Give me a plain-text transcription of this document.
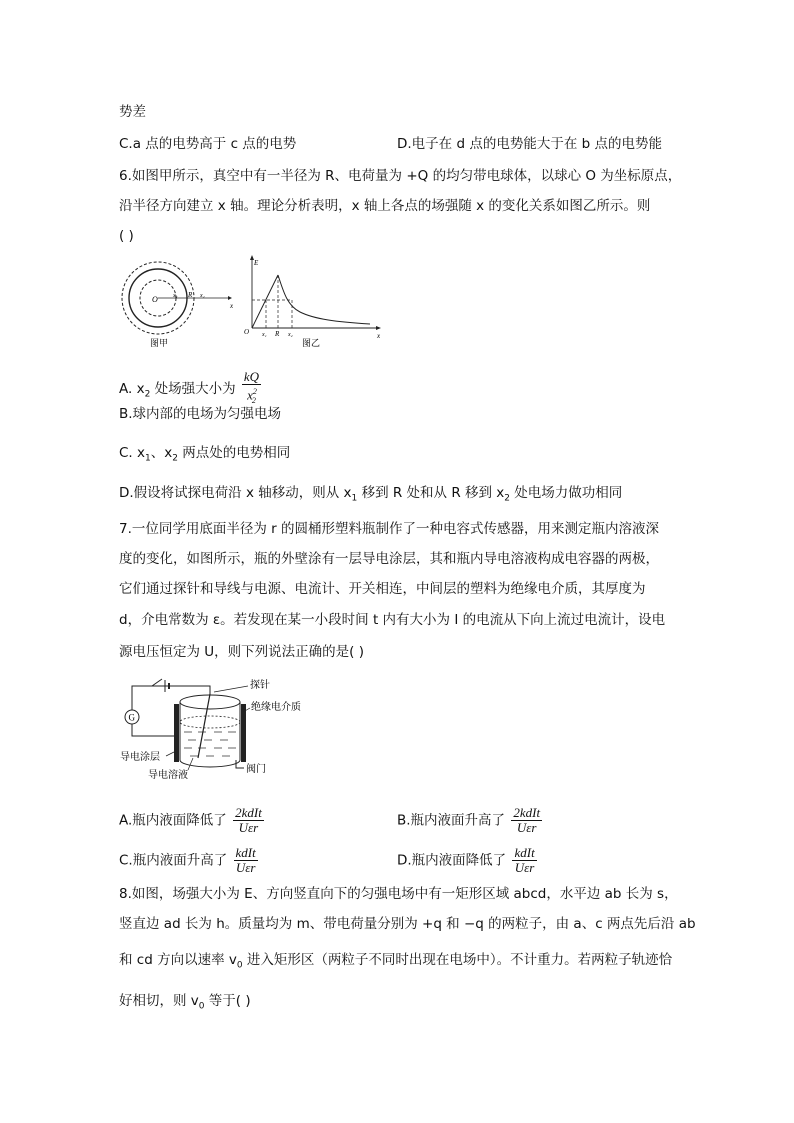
势差
C.a 点的电势高于 c 点的电势	D.电子在 d 点的电势能大于在 b 点的电势能
6.如图甲所示，真空中有一半径为 R、电荷量为 +Q 的均匀带电球体，以球心 O 为坐标原点，
沿半径方向建立 x 轴。理论分析表明，x 轴上各点的场强随 x 的变化关系如图乙所示。则
( )
O	x₁ R x₂
x
图甲
E
O x₁ R x₂	x
图乙
A. $x_2$ 处场强大小为 $\frac{kQ}{x^2_2}$
B.球内部的电场为匀强电场
C. $x_1$、$x_2$ 两点处的电势相同
D.假设将试探电荷沿 x 轴移动，则从 $x_1$ 移到 R 处和从 R 移到 $x_2$ 处电场力做功相同
7.一位同学用底面半径为 r 的圆桶形塑料瓶制作了一种电容式传感器，用来测定瓶内溶液深
度的变化，如图所示，瓶的外壁涂有一层导电涂层，其和瓶内导电溶液构成电容器的两极，
它们通过探针和导线与电源、电流计、开关相连，中间层的塑料为绝缘电介质，其厚度为
d，介电常数为 ε。若发现在某一小段时间 t 内有大小为 I 的电流从下向上流过电流计，设电
源电压恒定为 U，则下列说法正确的是( )
G
探针
绝缘电介质
导电涂层
导电溶液
阀门
A.瓶内液面降低了 $\frac{\text{2kdIt}}{\text{Uεr}}$	B.瓶内液面升高了 $\frac{\text{2kdIt}}{\text{Uεr}}$
C.瓶内液面升高了 $\frac{\text{kdIt}}{\text{Uεr}}$	D.瓶内液面降低了 $\frac{\text{kdIt}}{\text{Uεr}}$
8.如图，场强大小为 E、方向竖直向下的匀强电场中有一矩形区域 abcd，水平边 ab 长为 s，
竖直边 ad 长为 h。质量均为 m、带电荷量分别为 +q 和 −q 的两粒子，由 a、c 两点先后沿 ab
和 cd 方向以速率 $v_0$ 进入矩形区（两粒子不同时出现在电场中）。不计重力。若两粒子轨迹恰
好相切，则 $v_0$ 等于( )
